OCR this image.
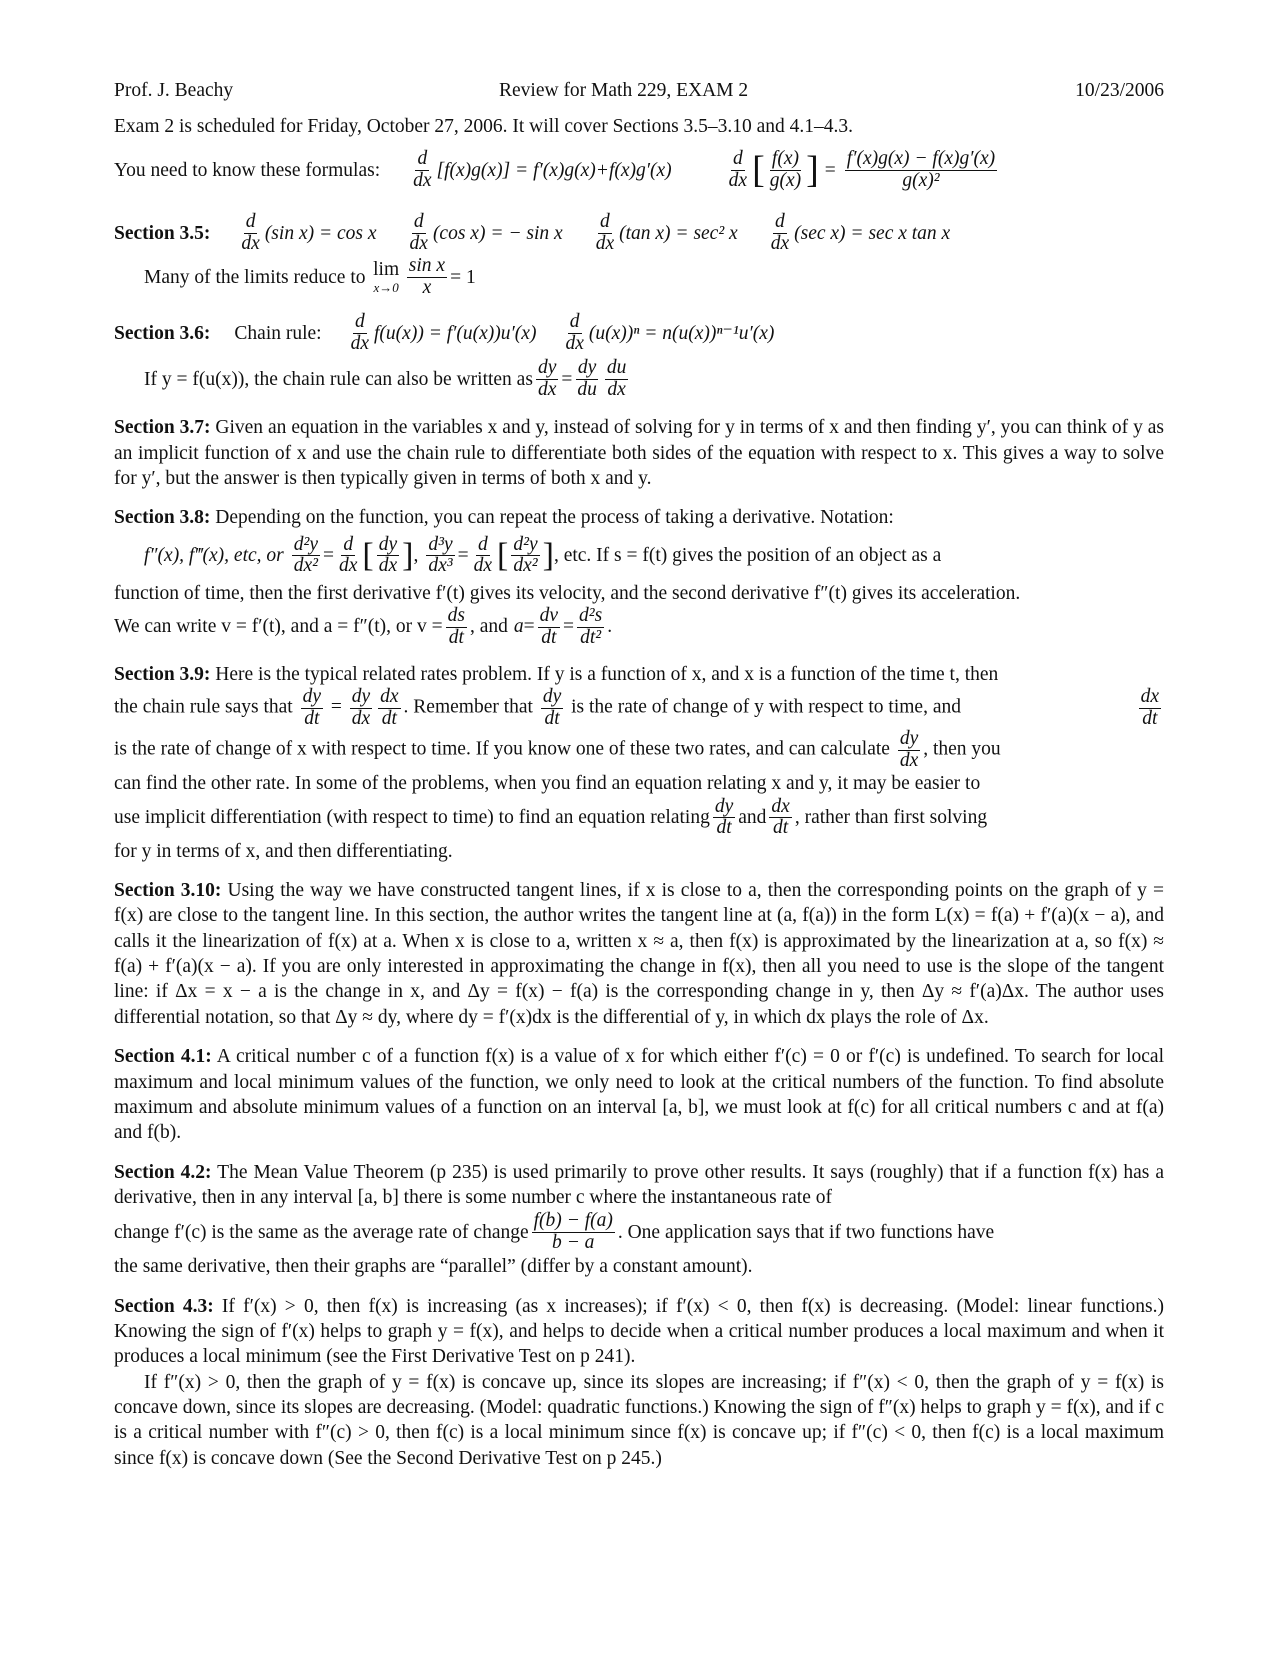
Prof. J. Beachy	Review for Math 229, EXAM 2	10/23/2006

Exam 2 is scheduled for Friday, October 27, 2006. It will cover Sections 3.5–3.10 and 4.1–4.3.

You need to know these formulas: $\frac{d}{dx} [f(x)g(x)] = f'(x)g(x)+f(x)g'(x)$	$\frac{d}{dx}$ [ $\frac{f(x)}{g(x)}$ ] = $\frac{f'(x)g(x) - f(x)g'(x)}{\text{g(x)²}}$
Section 3.5: $\frac{d}{dx} (\sin$ x) = cos x $\frac{d}{dx} (\cos$ x) = − sin x $\frac{d}{dx} (\tan$ x) = sec² x $\frac{d}{dx} (\sec$ x) = sec x tan x
Many of the limits reduce to lim
$x\to 0 \frac{\text{sin x}}{x} = 1$
Section 3.6: Chain rule: $\frac{d}{dx} f(u(x)) = f'(u(x))u'(x) \frac{d}{dx} (u(x))^n = n(u(x))^{n-1}u'(x)$
If y = f(u(x)), the chain rule can also be written as $\frac{dy}{dx} = \frac{dy}{du} \frac{du}{dx}$

Section 3.7: Given an equation in the variables x and y, instead of solving for y in terms of x and then finding y′, you can think of y as an implicit function of x and use the chain rule to differentiate both sides of the equation with respect to x. This gives a way to solve for y′, but the answer is then typically given in terms of both x and y.

Section 3.8: Depending on the function, you can repeat the process of taking a derivative. Notation:

f″(x), f‴(x), etc, or $\frac{\text{d²y}}{\text{dx²}} = \frac{d}{dx}$ [ $\frac{dy}{dx}$ ] , $\frac{\text{d³y}}{\text{dx³}} = \frac{d}{dx}$ [ $\frac{\text{d²y}}{\text{dx²}}$ ] , etc. If s = f(t) gives the position of an object as a

function of time, then the first derivative f′(t) gives its velocity, and the second derivative f″(t) gives its acceleration.

We can write v = f′(t), and a = f″(t), or $v = \frac{ds}{dt}$ , and $a = \frac{dv}{dt} = \frac{\text{d²s}}{\text{dt²}}$ .

Section 3.9: Here is the typical related rates problem. If y is a function of x, and x is a function of the time t, then

the chain rule says that $\frac{dy}{dt} = \frac{dy}{dx} \frac{dx}{dt}$ . Remember that $\frac{dy}{dt}$ is the rate of change of y with respect to time, and	$\frac{dx}{dt}$
is the rate of change of x with respect to time. If you know one of these two rates, and can calculate $\frac{dy}{dx}$ , then you

can find the other rate. In some of the problems, when you find an equation relating x and y, it may be easier to

use implicit differentiation (with respect to time) to find an equation relating $\frac{dy}{dt}$ and $\frac{dx}{dt}$ , rather than first solving

for y in terms of x, and then differentiating.

Section 3.10: Using the way we have constructed tangent lines, if x is close to a, then the corresponding points on the graph of y = f(x) are close to the tangent line. In this section, the author writes the tangent line at (a, f(a)) in the form L(x) = f(a) + f′(a)(x − a), and calls it the linearization of f(x) at a. When x is close to a, written x ≈ a, then f(x) is approximated by the linearization at a, so f(x) ≈ f(a) + f′(a)(x − a). If you are only interested in approximating the change in f(x), then all you need to use is the slope of the tangent line: if Δx = x − a is the change in x, and Δy = f(x) − f(a) is the corresponding change in y, then Δy ≈ f′(a)Δx. The author uses differential notation, so that Δy ≈ dy, where dy = f′(x)dx is the differential of y, in which dx plays the role of Δx.

Section 4.1: A critical number c of a function f(x) is a value of x for which either f′(c) = 0 or f′(c) is undefined. To search for local maximum and local minimum values of the function, we only need to look at the critical numbers of the function. To find absolute maximum and absolute minimum values of a function on an interval [a, b], we must look at f(c) for all critical numbers c and at f(a) and f(b).

Section 4.2: The Mean Value Theorem (p 235) is used primarily to prove other results. It says (roughly) that if a function f(x) has a derivative, then in any interval [a, b] there is some number c where the instantaneous rate of

change f′(c) is the same as the average rate of change $\frac{f(b) - f(a)}{b - a}$ . One application says that if two functions have

the same derivative, then their graphs are “parallel” (differ by a constant amount).

Section 4.3: If f′(x) > 0, then f(x) is increasing (as x increases); if f′(x) < 0, then f(x) is decreasing. (Model: linear functions.) Knowing the sign of f′(x) helps to graph y = f(x), and helps to decide when a critical number produces a local maximum and when it produces a local minimum (see the First Derivative Test on p 241).

If f″(x) > 0, then the graph of y = f(x) is concave up, since its slopes are increasing; if f″(x) < 0, then the graph of y = f(x) is concave down, since its slopes are decreasing. (Model: quadratic functions.) Knowing the sign of f″(x) helps to graph y = f(x), and if c is a critical number with f″(c) > 0, then f(c) is a local minimum since f(x) is concave up; if f″(c) < 0, then f(c) is a local maximum since f(x) is concave down (See the Second Derivative Test on p 245.)
